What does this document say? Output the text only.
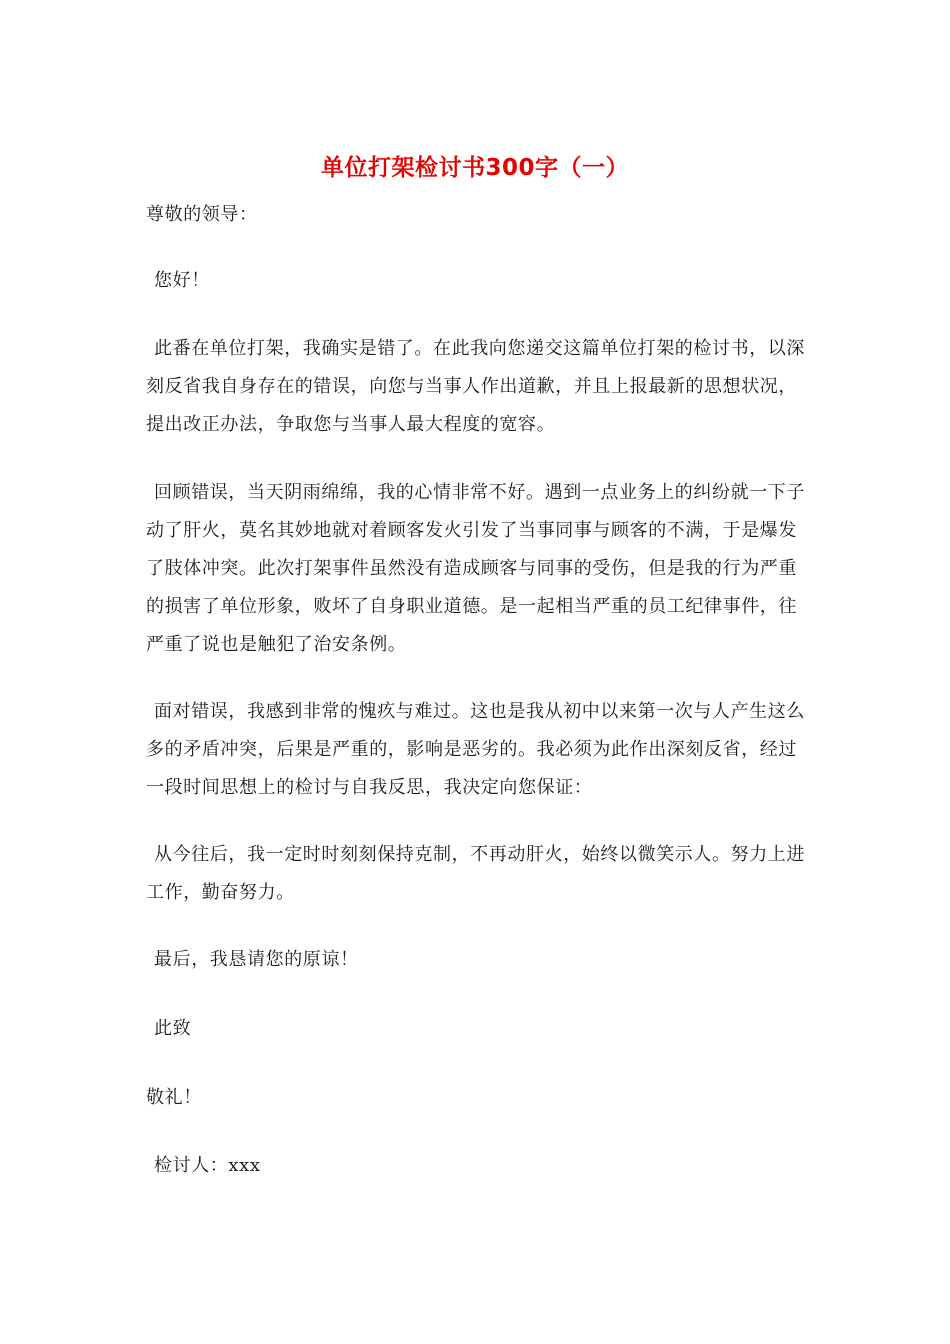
单位打架检讨书300字（一）

尊敬的领导：

您好！

此番在单位打架，我确实是错了。在此我向您递交这篇单位打架的检讨书，以深刻反省我自身存在的错误，向您与当事人作出道歉，并且上报最新的思想状况，提出改正办法，争取您与当事人最大程度的宽容。

回顾错误，当天阴雨绵绵，我的心情非常不好。遇到一点业务上的纠纷就一下子动了肝火，莫名其妙地就对着顾客发火引发了当事同事与顾客的不满，于是爆发了肢体冲突。此次打架事件虽然没有造成顾客与同事的受伤，但是我的行为严重的损害了单位形象，败坏了自身职业道德。是一起相当严重的员工纪律事件，往严重了说也是触犯了治安条例。

面对错误，我感到非常的愧疚与难过。这也是我从初中以来第一次与人产生这么多的矛盾冲突，后果是严重的，影响是恶劣的。我必须为此作出深刻反省，经过一段时间思想上的检讨与自我反思，我决定向您保证：

从今往后，我一定时时刻刻保持克制，不再动肝火，始终以微笑示人。努力上进工作，勤奋努力。

最后，我恳请您的原谅！

此致

敬礼！

检讨人：xxx
